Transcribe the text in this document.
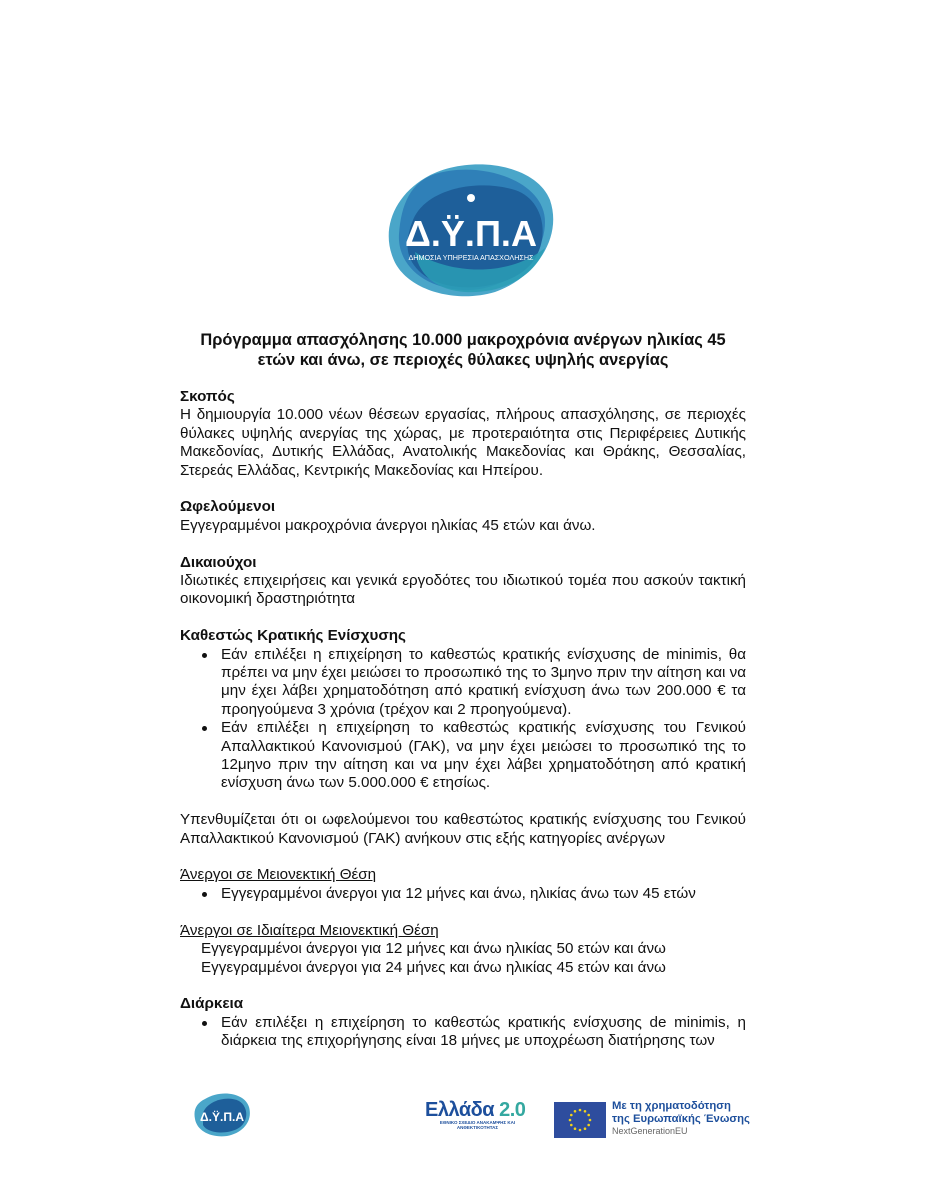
Δ.Ϋ.Π.Α
ΔΗΜΟΣΙΑ ΥΠΗΡΕΣΙΑ ΑΠΑΣΧΟΛΗΣΗΣ
Πρόγραμμα απασχόλησης 10.000 μακροχρόνια ανέργων ηλικίας 45 ετών και άνω, σε περιοχές θύλακες υψηλής ανεργίας

Σκοπός

Η δημιουργία 10.000 νέων θέσεων εργασίας, πλήρους απασχόλησης, σε περιοχές θύλακες υψηλής ανεργίας της χώρας, με προτεραιότητα στις Περιφέρειες Δυτικής Μακεδονίας, Δυτικής Ελλάδας, Ανατολικής Μακεδονίας και Θράκης, Θεσσαλίας, Στερεάς Ελλάδας, Κεντρικής Μακεδονίας και Ηπείρου.

Ωφελούμενοι

Εγγεγραμμένοι μακροχρόνια άνεργοι ηλικίας 45 ετών και άνω.

Δικαιούχοι

Ιδιωτικές επιχειρήσεις και γενικά εργοδότες του ιδιωτικού τομέα που ασκούν τακτική οικονομική δραστηριότητα

Καθεστώς Κρατικής Ενίσχυσης

Εάν επιλέξει η επιχείρηση το καθεστώς κρατικής ενίσχυσης de minimis, θα πρέπει να μην έχει μειώσει το προσωπικό της το 3μηνο πριν την αίτηση και να μην έχει λάβει χρηματοδότηση από κρατική ενίσχυση άνω των 200.000 € τα προηγούμενα 3 χρόνια (τρέχον και 2 προηγούμενα).
Εάν επιλέξει η επιχείρηση το καθεστώς κρατικής ενίσχυσης του Γενικού Απαλλακτικού Κανονισμού (ΓΑΚ), να μην έχει μειώσει το προσωπικό της το 12μηνο πριν την αίτηση και να μην έχει λάβει χρηματοδότηση από κρατική ενίσχυση άνω των 5.000.000 € ετησίως.

Υπενθυμίζεται ότι οι ωφελούμενοι του καθεστώτος κρατικής ενίσχυσης του Γενικού Απαλλακτικού Κανονισμού (ΓΑΚ) ανήκουν στις εξής κατηγορίες ανέργων

Άνεργοι σε Μειονεκτική Θέση

Εγγεγραμμένοι άνεργοι για 12 μήνες και άνω, ηλικίας άνω των 45 ετών

Άνεργοι σε Ιδιαίτερα Μειονεκτική Θέση

Εγγεγραμμένοι άνεργοι για 12 μήνες και άνω ηλικίας 50 ετών και άνω

Εγγεγραμμένοι άνεργοι για 24 μήνες και άνω ηλικίας 45 ετών και άνω

Διάρκεια

Εάν επιλέξει η επιχείρηση το καθεστώς κρατικής ενίσχυσης de minimis, η διάρκεια της επιχορήγησης είναι 18 μήνες με υποχρέωση διατήρησης των
Δ.Ϋ.Π.Α	Ελλάδα 2.0
ΕΘΝΙΚΟ ΣΧΕΔΙΟ ΑΝΑΚΑΜΨΗΣ ΚΑΙ ΑΝΘΕΚΤΙΚΟΤΗΤΑΣ
Με τη χρηματοδότηση
της Ευρωπαϊκής Ένωσης
NextGenerationEU
